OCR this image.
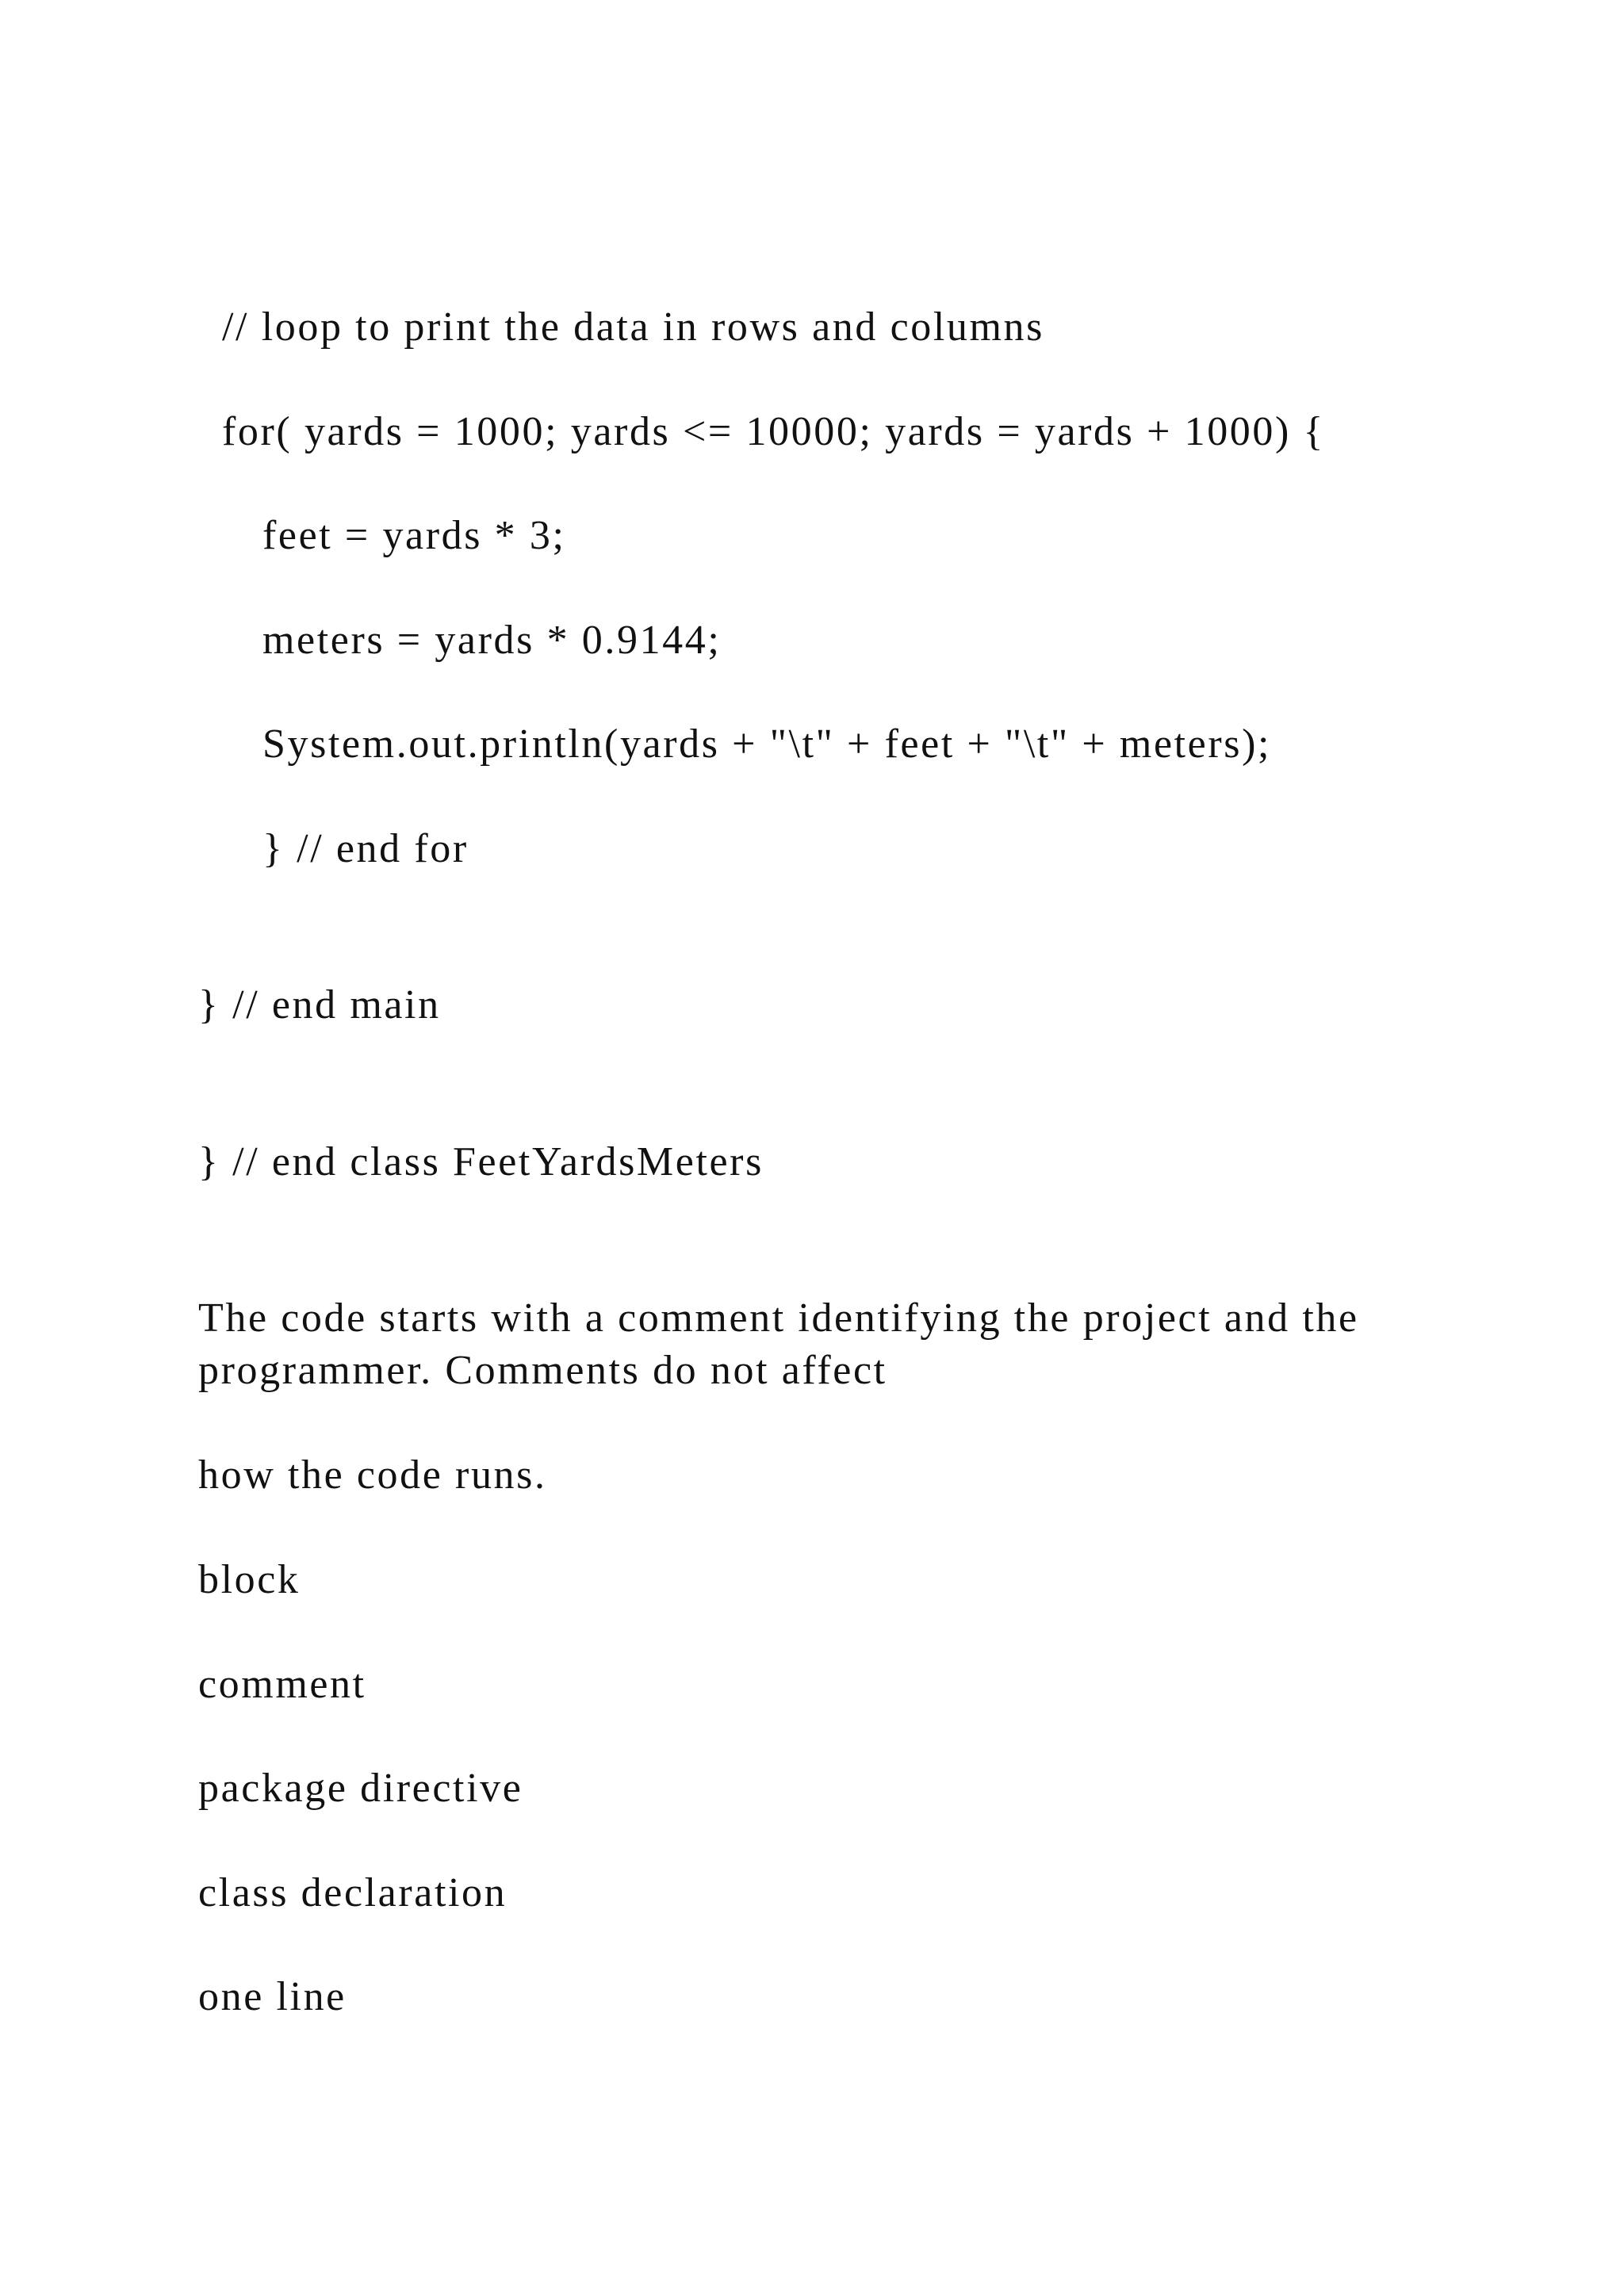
// loop to print the data in rows and columns

for( yards = 1000; yards <= 10000; yards = yards + 1000) {

feet = yards * 3;

meters = yards * 0.9144;

System.out.println(yards + "\t" + feet + "\t" + meters);

} // end for

} // end main

} // end class FeetYardsMeters

The code starts with a comment identifying the project and the programmer. Comments do not affect

how the code runs.

block

comment

package directive

class declaration

one line
